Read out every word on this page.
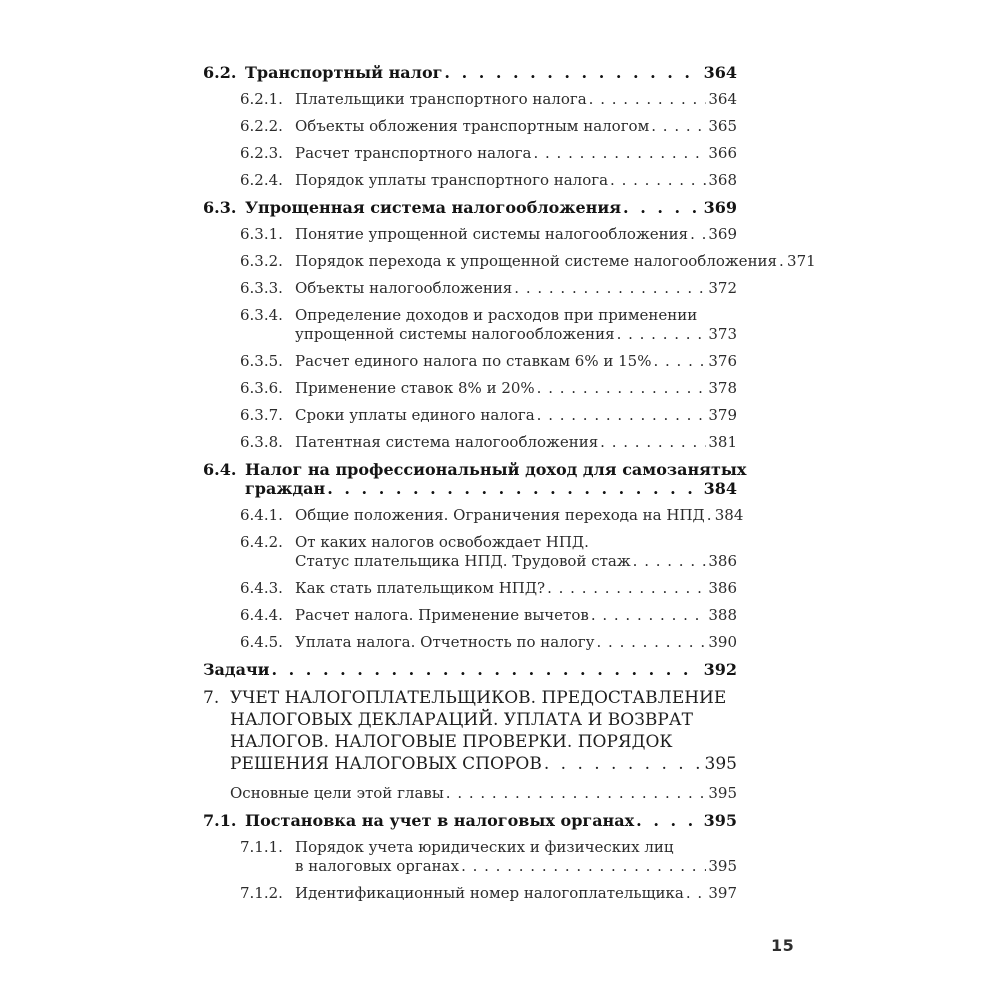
6.2. Транспортный налог . . .	364
6.2.1. Плательщики транспортного налога . . .	364
6.2.2. Объекты обложения транспортным налогом . . .	365
6.2.3. Расчет транспортного налога . . .	366
6.2.4. Порядок уплаты транспортного налога . . .	368
6.3. Упрощенная система налогообложения . . .	369
6.3.1. Понятие упрощенной системы налогообложения . . . 369
6.3.2. Порядок перехода к упрощенной системе налогообложения . . . 371
6.3.3. Объекты налогообложения . . .	372
6.3.4. Определение доходов и расходов при применении
упрощенной системы налогообложения . . .	373
6.3.5. Расчет единого налога по ставкам 6% и 15% . . .	376
6.3.6. Применение ставок 8% и 20% . . .	378
6.3.7. Сроки уплаты единого налога . . .	379
6.3.8. Патентная система налогообложения . . .	381
6.4. Налог на профессиональный доход для самозанятых
граждан . . .	384
6.4.1. Общие положения. Ограничения перехода на НПД . . . 384
6.4.2. От каких налогов освобождает НПД.
Статус плательщика НПД. Трудовой стаж . . .	386
6.4.3. Как стать плательщиком НПД? . . .	386
6.4.4. Расчет налога. Применение вычетов . . .	388
6.4.5. Уплата налога. Отчетность по налогу . . .	390
Задачи . . .	392
7. УЧЕТ НАЛОГОПЛАТЕЛЬЩИКОВ. ПРЕДОСТАВЛЕНИЕ
НАЛОГОВЫХ ДЕКЛАРАЦИЙ. УПЛАТА И ВОЗВРАТ
НАЛОГОВ. НАЛОГОВЫЕ ПРОВЕРКИ. ПОРЯДОК
РЕШЕНИЯ НАЛОГОВЫХ СПОРОВ . . .	395
Основные цели этой главы . . .	395
7.1. Постановка на учет в налоговых органах . . .	395
7.1.1. Порядок учета юридических и физических лиц
в налоговых органах . . .	395
7.1.2. Идентификационный номер налогоплательщика . . . 397
15
